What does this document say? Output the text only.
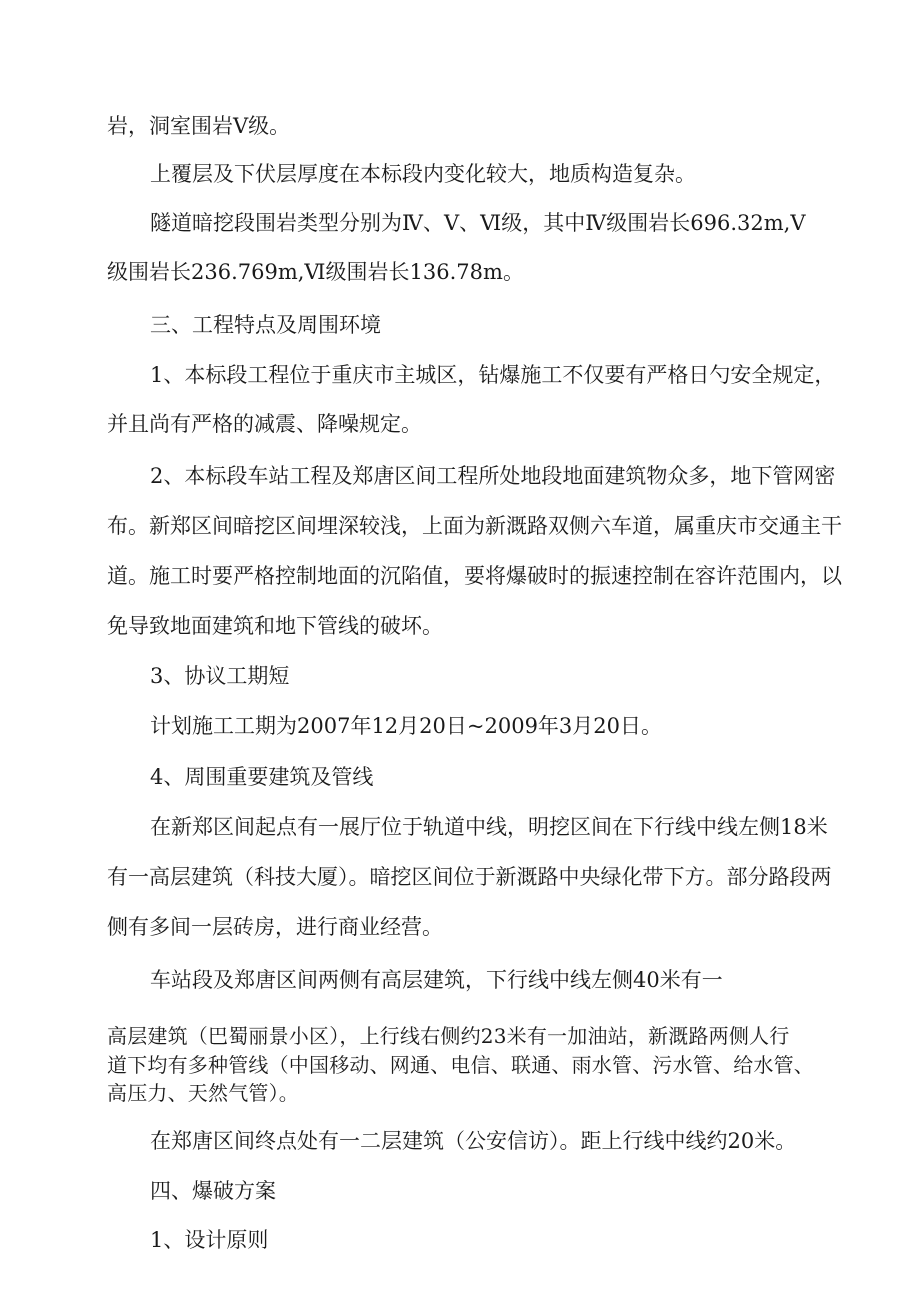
岩，洞室围岩Ⅴ级。
上覆层及下伏层厚度在本标段内变化较大，地质构造复杂。
隧道暗挖段围岩类型分别为Ⅳ、Ⅴ、Ⅵ级，其中Ⅳ级围岩长696.32m,Ⅴ
级围岩长236.769m,Ⅵ级围岩长136.78m。
三、工程特点及周围环境
1、本标段工程位于重庆市主城区，钻爆施工不仅要有严格日勺安全规定，
并且尚有严格的减震、降噪规定。
2、本标段车站工程及郑唐区间工程所处地段地面建筑物众多，地下管网密
布。新郑区间暗挖区间埋深较浅，上面为新溉路双侧六车道，属重庆市交通主干
道。施工时要严格控制地面的沉陷值，要将爆破时的振速控制在容许范围内，以
免导致地面建筑和地下管线的破坏。
3、协议工期短
计划施工工期为2007年12月20日~2009年3月20日。
4、周围重要建筑及管线
在新郑区间起点有一展厅位于轨道中线，明挖区间在下行线中线左侧18米
有一高层建筑（科技大厦）。暗挖区间位于新溉路中央绿化带下方。部分路段两
侧有多间一层砖房，进行商业经营。
车站段及郑唐区间两侧有高层建筑，下行线中线左侧40米有一
高层建筑（巴蜀丽景小区），上行线右侧约23米有一加油站，新溉路两侧人行
道下均有多种管线（中国移动、网通、电信、联通、雨水管、污水管、给水管、
高压力、天然气管）。
在郑唐区间终点处有一二层建筑（公安信访）。距上行线中线约20米。
四、爆破方案
1、设计原则
